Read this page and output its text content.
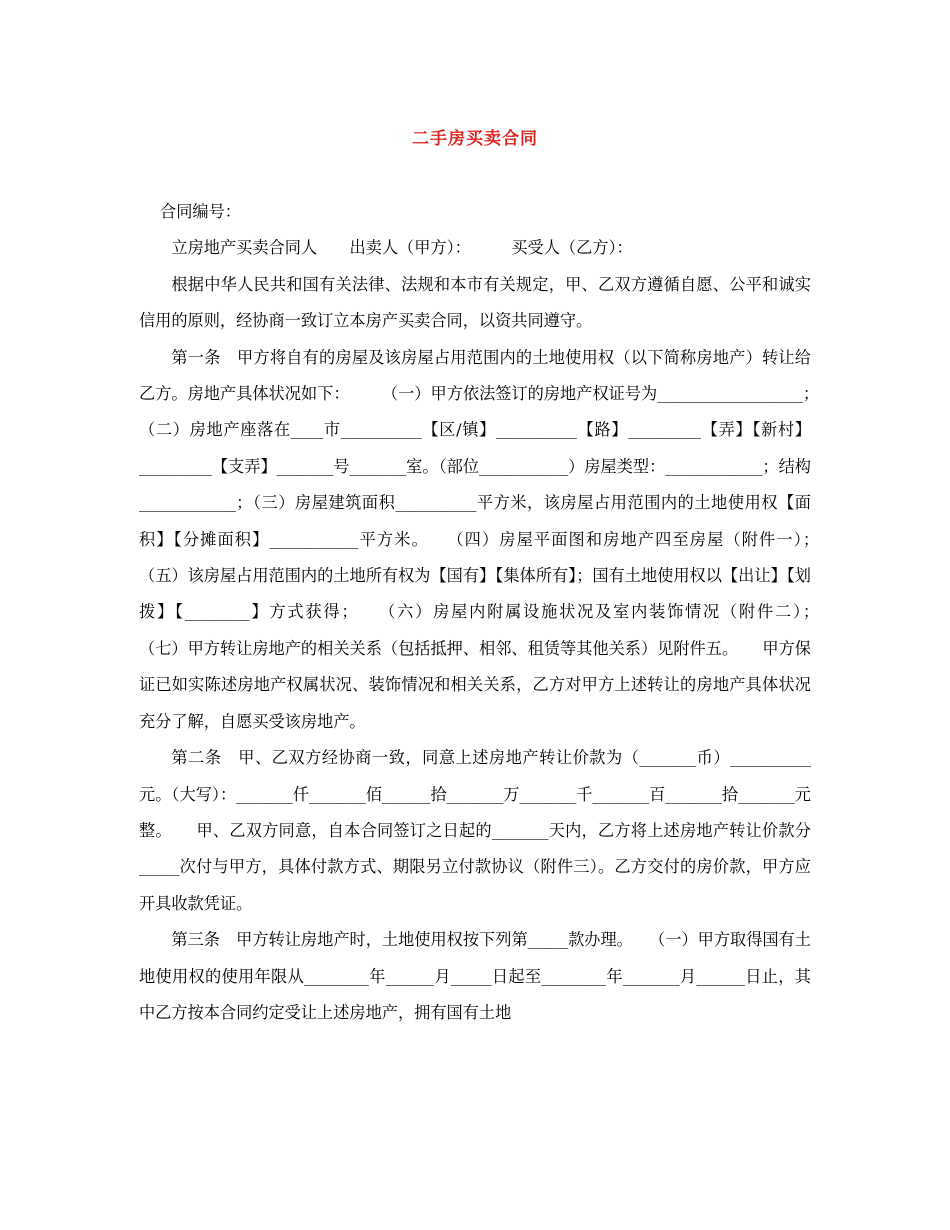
二手房买卖合同

合同编号：

立房地产买卖合同人　　出卖人（甲方）：　　　买受人（乙方）：

根据中华人民共和国有关法律、法规和本市有关规定，甲、乙双方遵循自愿、公平和诚实信用的原则，经协商一致订立本房产买卖合同，以资共同遵守。

第一条　甲方将自有的房屋及该房屋占用范围内的土地使用权（以下简称房地产）转让给乙方。房地产具体状况如下：　　　（一）甲方依法签订的房地产权证号为__________________；　　　（二）房地产座落在____市__________【区/镇】__________【路】_________【弄】【新村】_________【支弄】_______号_______室。（部位___________）房屋类型：____________；结构____________；（三）房屋建筑面积__________平方米，该房屋占用范围内的土地使用权【面积】【分摊面积】___________平方米。　　（四）房屋平面图和房地产四至房屋（附件一）；　　　（五）该房屋占用范围内的土地所有权为【国有】【集体所有】；国有土地使用权以【出让】【划拨】【________】方式获得；　　（六）房屋内附属设施状况及室内装饰情况（附件二）；　　　（七）甲方转让房地产的相关关系（包括抵押、相邻、租赁等其他关系）见附件五。　　甲方保证已如实陈述房地产权属状况、装饰情况和相关关系，乙方对甲方上述转让的房地产具体状况充分了解，自愿买受该房地产。

第二条　甲、乙双方经协商一致，同意上述房地产转让价款为（_______币）__________元。（大写）：_______仟_______佰______拾_______万_______千_______百_______拾_______元整。　　甲、乙双方同意，自本合同签订之日起的_______天内，乙方将上述房地产转让价款分_____次付与甲方，具体付款方式、期限另立付款协议（附件三）。乙方交付的房价款，甲方应开具收款凭证。

第三条　甲方转让房地产时，土地使用权按下列第_____款办理。　　（一）甲方取得国有土地使用权的使用年限从________年______月_____日起至________年_______月______日止，其中乙方按本合同约定受让上述房地产，拥有国有土地
